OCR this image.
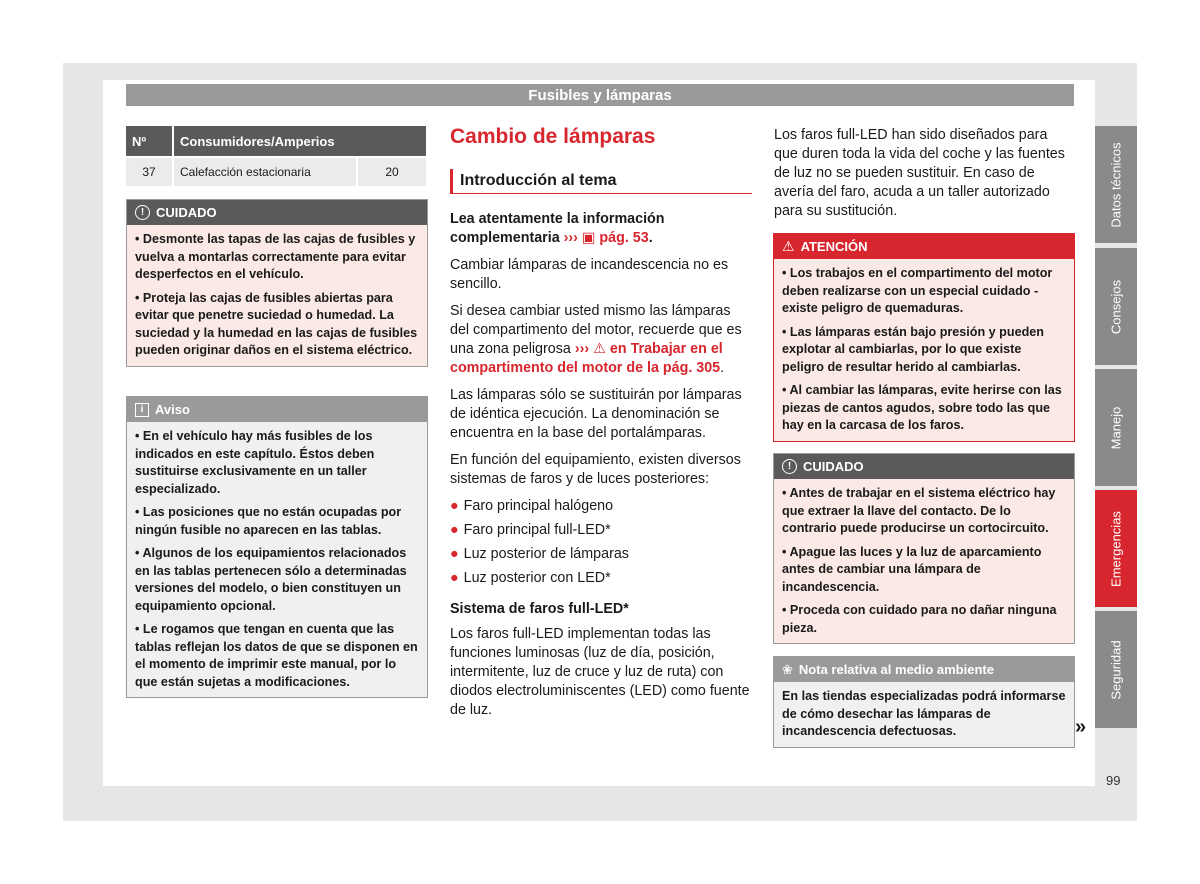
Fusibles y lámparas
Nº	Consumidores/Amperios	
37	Calefacción estacionaria	20
! CUIDADO

• Desmonte las tapas de las cajas de fusibles y vuelva a montarlas correctamente para evitar desperfectos en el vehículo.

• Proteja las cajas de fusibles abiertas para evitar que penetre suciedad o humedad. La suciedad y la humedad en las cajas de fusibles pueden originar daños en el sistema eléctrico.

i Aviso

• En el vehículo hay más fusibles de los indicados en este capítulo. Éstos deben sustituirse exclusivamente en un taller especializado.

• Las posiciones que no están ocupadas por ningún fusible no aparecen en las tablas.

• Algunos de los equipamientos relacionados en las tablas pertenecen sólo a determinadas versiones del modelo, o bien constituyen un equipamiento opcional.

• Le rogamos que tengan en cuenta que las tablas reflejan los datos de que se disponen en el momento de imprimir este manual, por lo que están sujetas a modificaciones.

Cambio de lámparas
Introducción al tema

Lea atentamente la información complementaria ››› ▣ pág. 53.

Cambiar lámparas de incandescencia no es sencillo.

Si desea cambiar usted mismo las lámparas del compartimento del motor, recuerde que es una zona peligrosa ››› ⚠ en Trabajar en el compartimento del motor de la pág. 305.

Las lámparas sólo se sustituirán por lámparas de idéntica ejecución. La denominación se encuentra en la base del portalámparas.

En función del equipamiento, existen diversos sistemas de faros y de luces posteriores:

● Faro principal halógeno
● Faro principal full-LED*
● Luz posterior de lámparas
● Luz posterior con LED*
Sistema de faros full-LED*

Los faros full-LED implementan todas las funciones luminosas (luz de día, posición, intermitente, luz de cruce y luz de ruta) con diodos electroluminiscentes (LED) como fuente de luz.

Los faros full-LED han sido diseñados para que duren toda la vida del coche y las fuentes de luz no se pueden sustituir. En caso de avería del faro, acuda a un taller autorizado para su sustitución.
⚠ ATENCIÓN

• Los trabajos en el compartimento del motor deben realizarse con un especial cuidado - existe peligro de quemaduras.

• Las lámparas están bajo presión y pueden explotar al cambiarlas, por lo que existe peligro de resultar herido al cambiarlas.

• Al cambiar las lámparas, evite herirse con las piezas de cantos agudos, sobre todo las que hay en la carcasa de los faros.

! CUIDADO

• Antes de trabajar en el sistema eléctrico hay que extraer la llave del contacto. De lo contrario puede producirse un cortocircuito.

• Apague las luces y la luz de aparcamiento antes de cambiar una lámpara de incandescencia.

• Proceda con cuidado para no dañar ninguna pieza.

❀ Nota relativa al medio ambiente

En las tiendas especializadas podrá informarse de cómo desechar las lámparas de incandescencia defectuosas.	»
Datos técnicos
Consejos
Manejo
Emergencias
Seguridad
99
